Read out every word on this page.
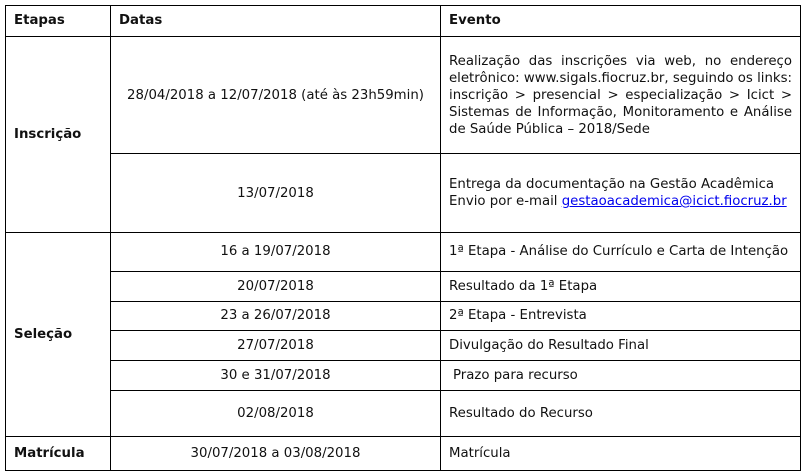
Etapas	Datas	Evento
Inscrição	28/04/2018 a 12/07/2018 (até às 23h59min)	Realização das inscrições via web, no endereço eletrônico: www.sigals.fiocruz.br, seguindo os links: inscrição > presencial > especialização > Icict > Sistemas de Informação, Monitoramento e Análise de Saúde Pública – 2018/Sede
	13/07/2018	Entrega da documentação na Gestão Acadêmica
Envio por e-mail gestaoacademica@icict.fiocruz.br

Seleção	16 a 19/07/2018	1ª Etapa - Análise do Currículo e Carta de Intenção
	20/07/2018	Resultado da 1ª Etapa
	23 a 26/07/2018	2ª Etapa - Entrevista
	27/07/2018	Divulgação do Resultado Final
	30 e 31/07/2018	Prazo para recurso
	02/08/2018	Resultado do Recurso
Matrícula	30/07/2018 a 03/08/2018	Matrícula
